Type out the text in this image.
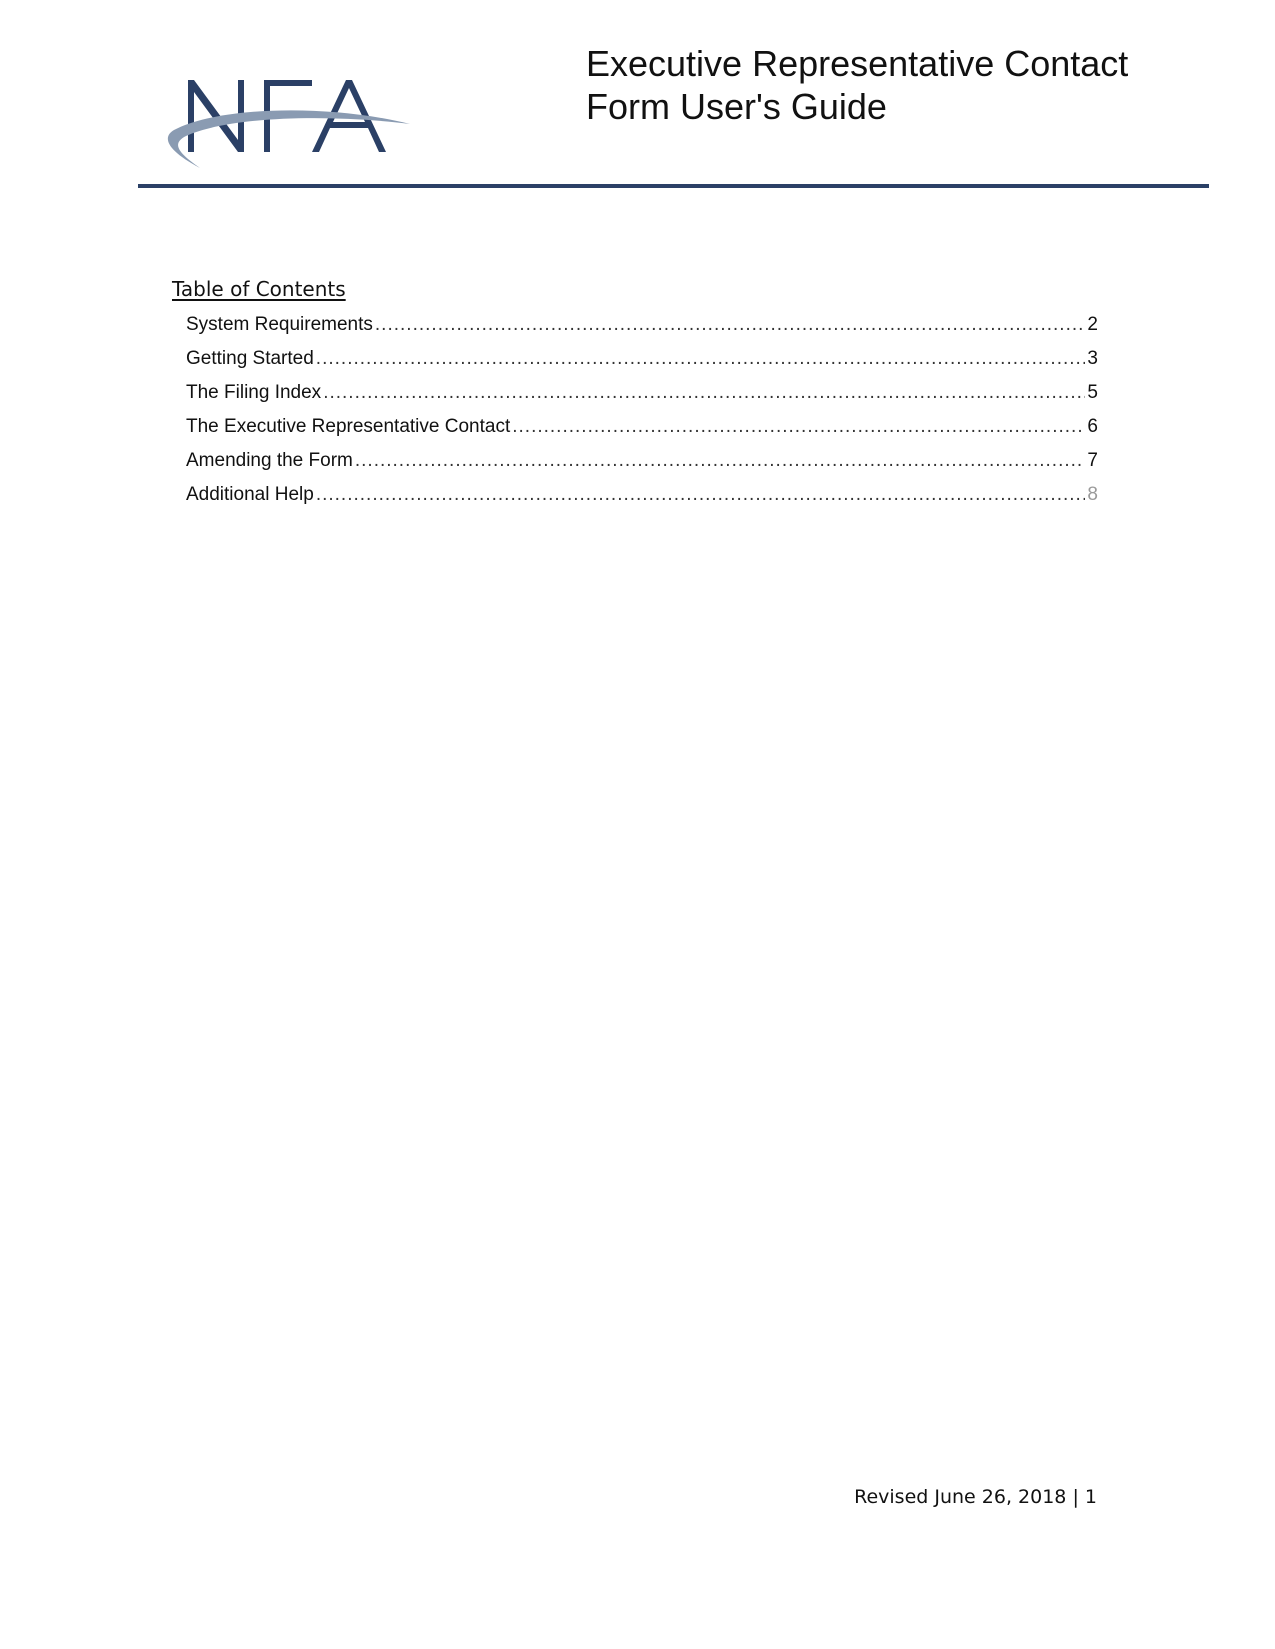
Executive Representative Contact
Form User's Guide
Table of Contents
System Requirements .....	2
Getting Started .....	3
The Filing Index .....	5
The Executive Representative Contact .....	6
Amending the Form .....	7
Additional Help .....	8
Revised June 26, 2018 | 1
